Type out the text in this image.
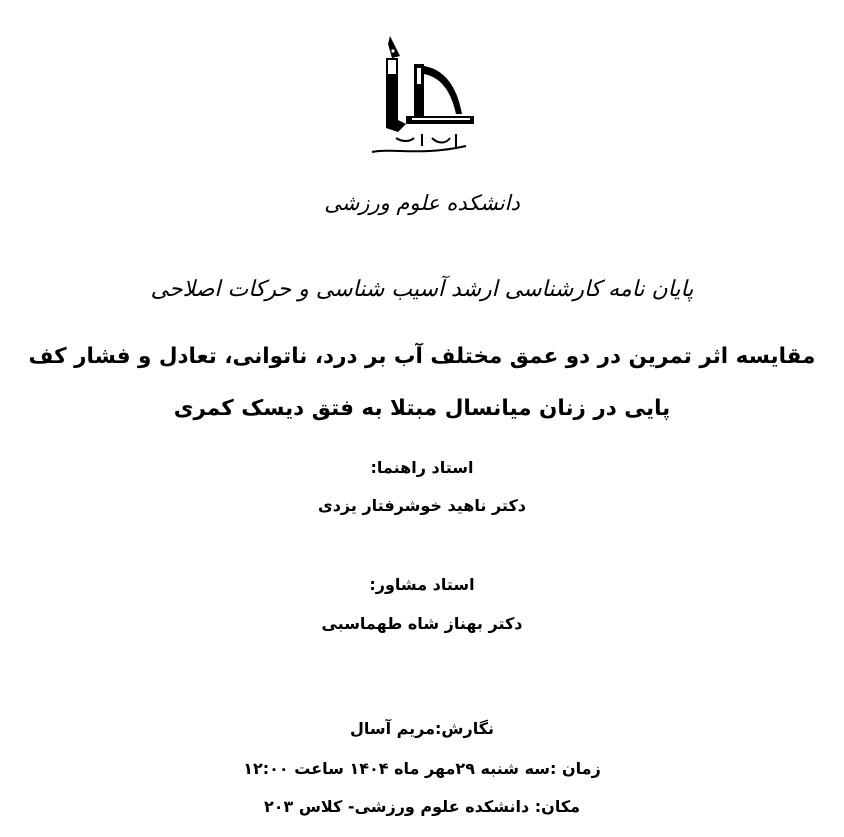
دانشکده علوم ورزشی
پایان نامه کارشناسی ارشد آسیب شناسی و حرکات اصلاحی
مقایسه اثر تمرین در دو عمق مختلف آب بر درد، ناتوانی، تعادل و فشار کف
پایی در زنان میانسال مبتلا به فتق دیسک کمری
استاد راهنما:
دکتر ناهید خوشرفتار یزدی
استاد مشاور:
دکتر بهناز شاه طهماسبی
نگارش:مریم آسال
زمان :سه شنبه ۲۹مهر ماه ۱۴۰۴ ساعت ۱۲:۰۰
مکان: دانشکده علوم ورزشی- کلاس ۲۰۳
